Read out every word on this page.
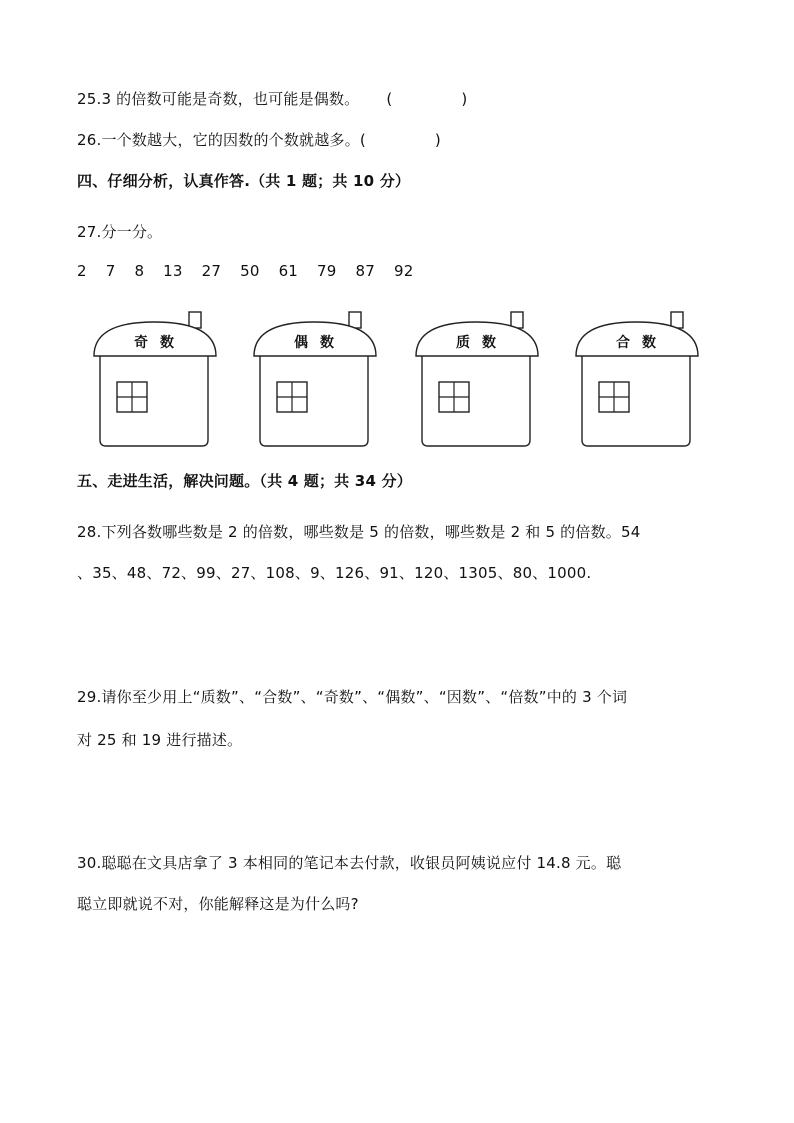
25.3 的倍数可能是奇数，也可能是偶数。 (	)
26.一个数越大，它的因数的个数就越多。(	)
四、仔细分析，认真作答.（共 1 题；共 10 分）
27.分一分。
2 7 8 13 27 50 61 79 87 92
奇数	偶数	质数	合数
五、走进生活，解决问题。（共 4 题；共 34 分）
28.下列各数哪些数是 2 的倍数，哪些数是 5 的倍数，哪些数是 2 和 5 的倍数。54
、35、48、72、99、27、108、9、126、91、120、1305、80、1000.
29.请你至少用上“质数”、“合数”、“奇数”、“偶数”、“因数”、“倍数”中的 3 个词
对 25 和 19 进行描述。
30.聪聪在文具店拿了 3 本相同的笔记本去付款，收银员阿姨说应付 14.8 元。聪
聪立即就说不对，你能解释这是为什么吗?
